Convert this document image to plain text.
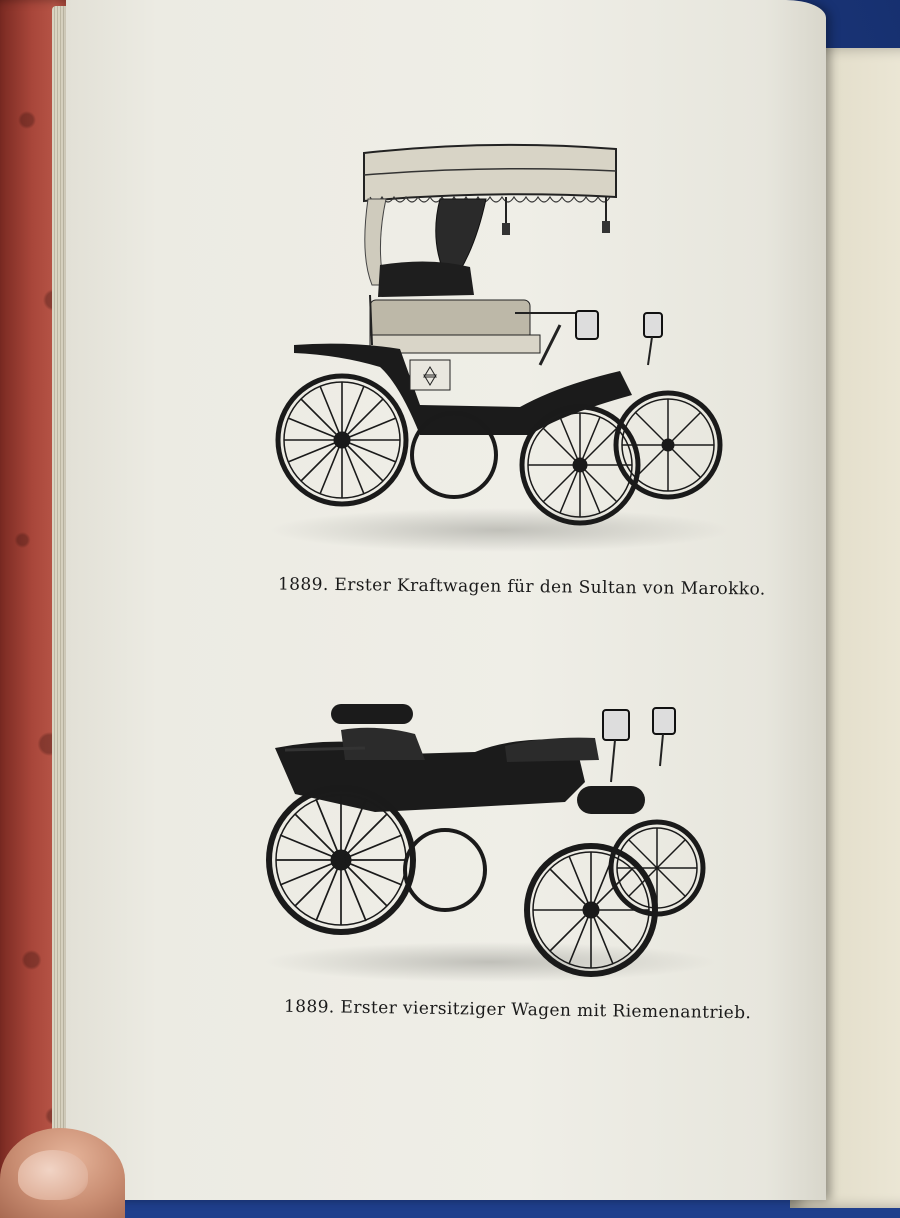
1889. Erster Kraftwagen für den Sultan von Marokko.
1889. Erster viersitziger Wagen mit Riemenantrieb.
